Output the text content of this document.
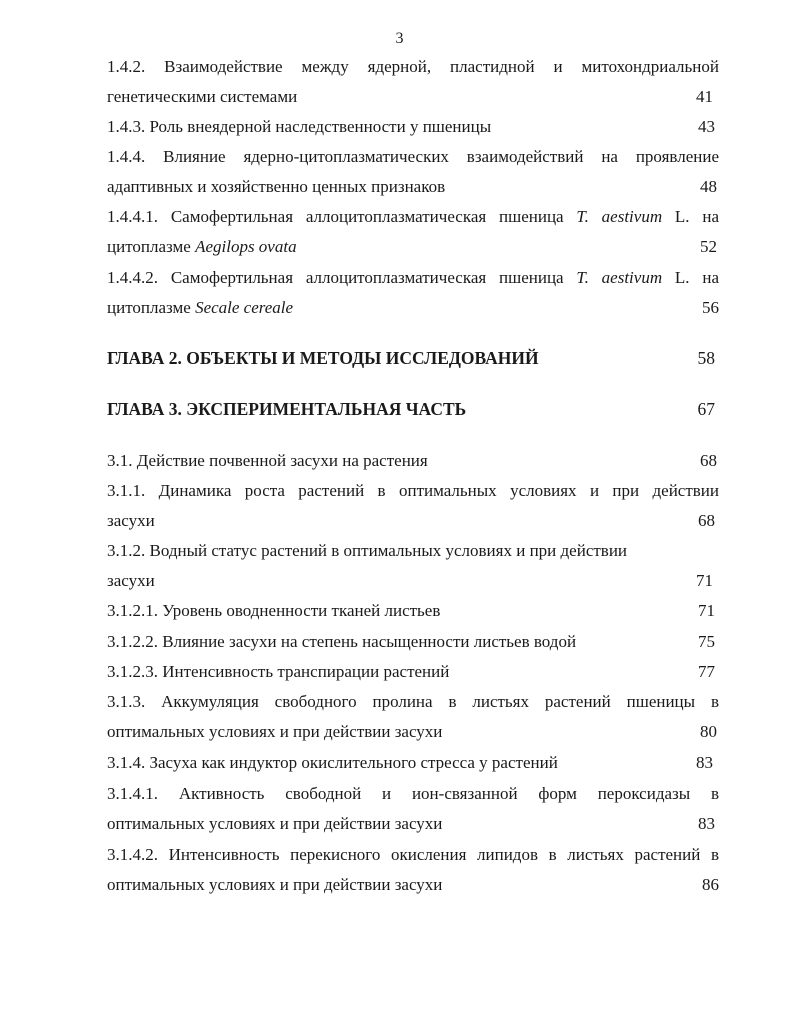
3
1.4.2. Взаимодействие между ядерной, пластидной и митохондриальной
генетическими системами	41
1.4.3. Роль внеядерной наследственности у пшеницы	43
1.4.4. Влияние ядерно-цитоплазматических взаимодействий на проявление
адаптивных и хозяйственно ценных признаков	48
1.4.4.1. Самофертильная аллоцитоплазматическая пшеница T. aestivum L. на
цитоплазме Aegilops ovata	52
1.4.4.2. Самофертильная аллоцитоплазматическая пшеница T. aestivum L. на
цитоплазме Secale cereale	56
ГЛАВА 2. ОБЪЕКТЫ И МЕТОДЫ ИССЛЕДОВАНИЙ	58
ГЛАВА 3. ЭКСПЕРИМЕНТАЛЬНАЯ ЧАСТЬ	67
3.1. Действие почвенной засухи на растения	68
3.1.1. Динамика роста растений в оптимальных условиях и при действии
засухи	68
3.1.2. Водный статус растений в оптимальных условиях и при действии
засухи	71
3.1.2.1. Уровень оводненности тканей листьев	71
3.1.2.2. Влияние засухи на степень насыщенности листьев водой	75
3.1.2.3. Интенсивность транспирации растений	77
3.1.3. Аккумуляция свободного пролина в листьях растений пшеницы в
оптимальных условиях и при действии засухи	80
3.1.4. Засуха как индуктор окислительного стресса у растений	83
3.1.4.1. Активность свободной и ион-связанной форм пероксидазы в
оптимальных условиях и при действии засухи	83
3.1.4.2. Интенсивность перекисного окисления липидов в листьях растений в
оптимальных условиях и при действии засухи	86
